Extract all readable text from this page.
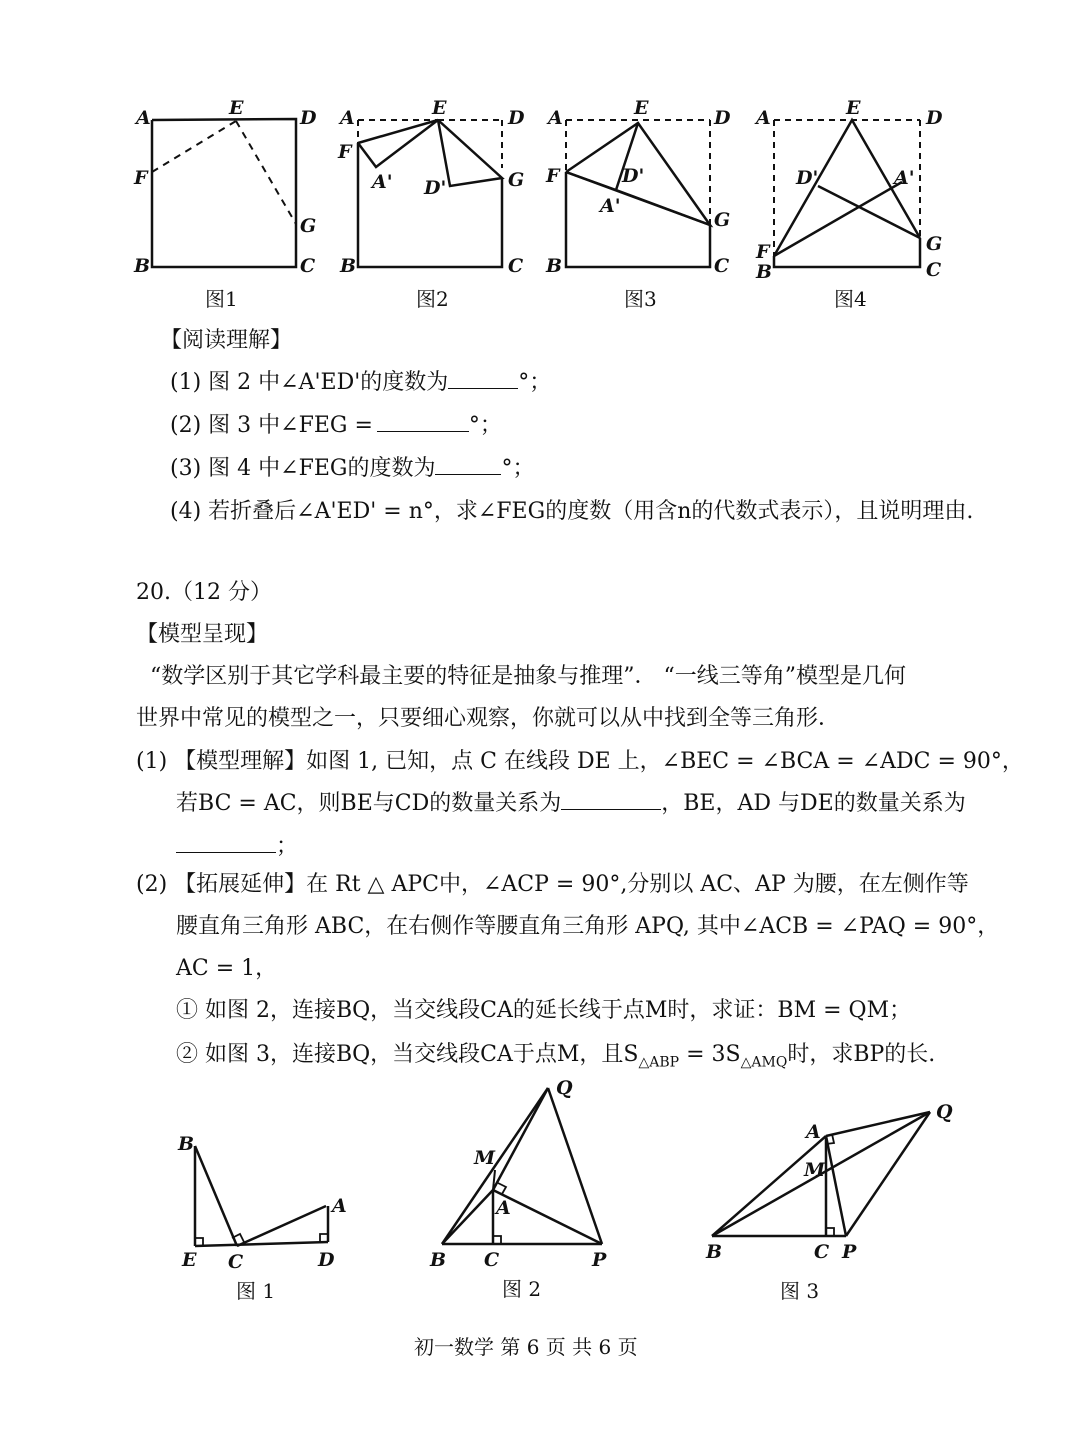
A	E	D
F
G
B	C
图1
A	E	D
F
A' D'	G
B	C
图2
A	E	D
F	D'
A'
G
B	C
图3
A	E	D
D'	A'
F	G
B	C
图4
【阅读理解】
(1) 图 2 中∠A'ED'的度数为	°；
(2) 图 3 中∠FEG =	°；
(3) 图 4 中∠FEG的度数为	°；
(4) 若折叠后∠A'ED' = n°，求∠FEG的度数（用含n的代数式表示），且说明理由.
20.（12 分）
【模型呈现】
“数学区别于其它学科最主要的特征是抽象与推理”． “一线三等角”模型是几何
世界中常见的模型之一，只要细心观察，你就可以从中找到全等三角形．
(1) 【模型理解】如图 1, 已知，点 C 在线段 DE 上，∠BEC = ∠BCA = ∠ADC = 90°，
若BC = AC，则BE与CD的数量关系为	，BE，AD 与DE的数量关系为
；
(2) 【拓展延伸】在 Rt △ APC中，∠ACP = 90°,分别以 AC、AP 为腰，在左侧作等
腰直角三角形 ABC，在右侧作等腰直角三角形 APQ, 其中∠ACB = ∠PAQ = 90°，
AC = 1，
① 如图 2，连接BQ，当交线段CA的延长线于点M时，求证：BM = QM；
② 如图 3，连接BQ，当交线段CA于点M，且$S_{\triangle ABP} = 3S_{\triangle AMQ}$时，求BP的长.
B
A
E C	D
图 1
Q
M
A
B C	P
图 2
A
Q
M
B	C P
图 3
初一数学 第 6 页 共 6 页
